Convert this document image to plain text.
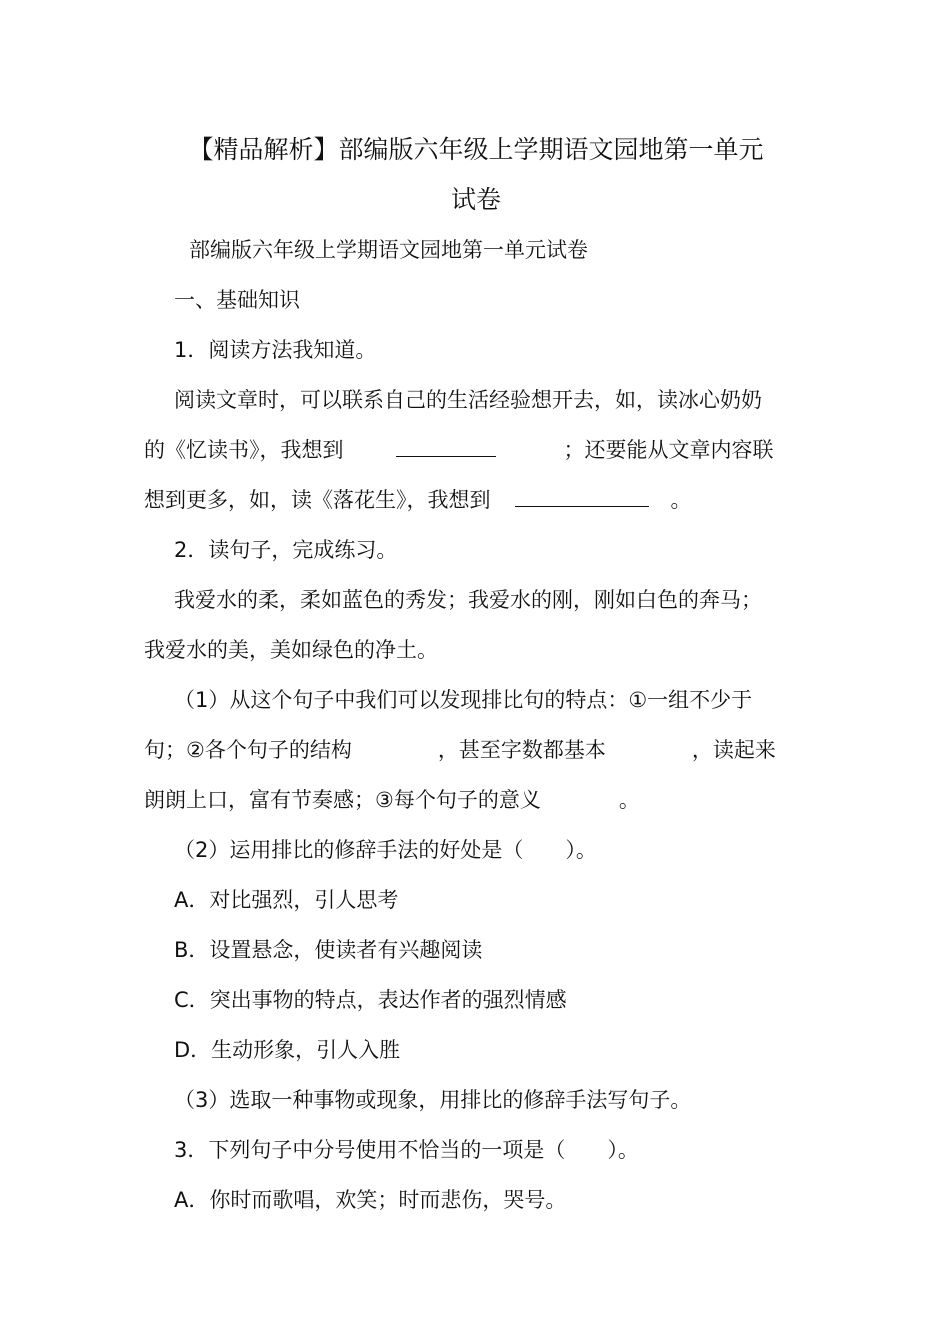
【精品解析】部编版六年级上学期语文园地第一单元
试卷
部编版六年级上学期语文园地第一单元试卷
一、基础知识
1．阅读方法我知道。
阅读文章时，可以联系自己的生活经验想开去，如，读冰心奶奶
的《忆读书》，我想到	；还要能从文章内容联
想到更多，如，读《落花生》，我想到	。
2．读句子，完成练习。
我爱水的柔，柔如蓝色的秀发；我爱水的刚，刚如白色的奔马；
我爱水的美，美如绿色的净土。
（1）从这个句子中我们可以发现排比句的特点：①一组不少于
句；②各个句子的结构	，甚至字数都基本	，读起来
朗朗上口，富有节奏感；③每个句子的意义	。
（2）运用排比的修辞手法的好处是（　　）。
A．对比强烈，引人思考
B．设置悬念，使读者有兴趣阅读
C．突出事物的特点，表达作者的强烈情感
D．生动形象，引人入胜
（3）选取一种事物或现象，用排比的修辞手法写句子。
3．下列句子中分号使用不恰当的一项是（　　）。
A．你时而歌唱，欢笑；时而悲伤，哭号。
